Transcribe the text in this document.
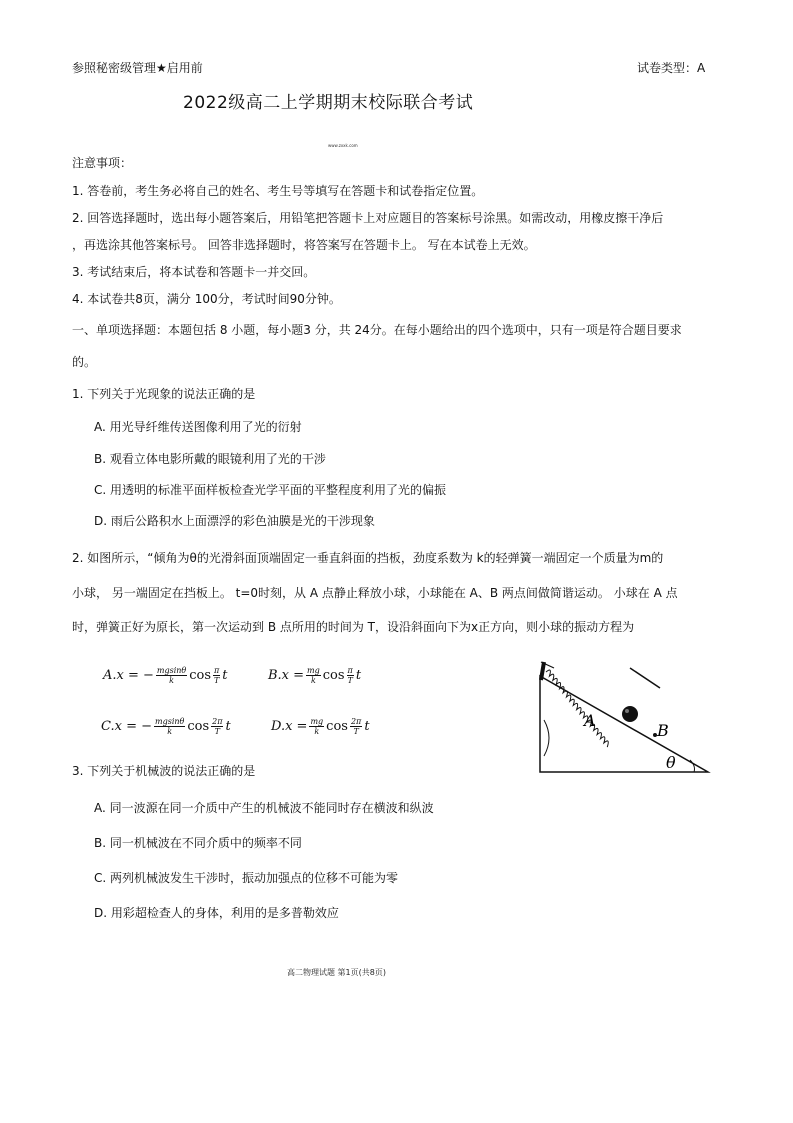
参照秘密级管理★启用前	试卷类型：A
2022级高二上学期期末校际联合考试
www.zxxk.com
注意事项：
1. 答卷前，考生务必将自己的姓名、考生号等填写在答题卡和试卷指定位置。
2. 回答选择题时，选出每小题答案后，用铅笔把答题卡上对应题目的答案标号涂黑。如需改动，用橡皮擦干净后
，再选涂其他答案标号。 回答非选择题时，将答案写在答题卡上。 写在本试卷上无效。
3. 考试结束后，将本试卷和答题卡一并交回。
4. 本试卷共8页，满分 100分，考试时间90分钟。
一、单项选择题：本题包括 8 小题，每小题3 分，共 24分。在每小题给出的四个选项中，只有一项是符合题目要求
的。
1. 下列关于光现象的说法正确的是
A. 用光导纤维传送图像利用了光的衍射
B. 观看立体电影所戴的眼镜利用了光的干涉
C. 用透明的标准平面样板检查光学平面的平整程度利用了光的偏振
D. 雨后公路积水上面漂浮的彩色油膜是光的干涉现象
2. 如图所示，“倾角为θ的光滑斜面顶端固定一垂直斜面的挡板，劲度系数为 k的轻弹簧一端固定一个质量为m的
小球， 另一端固定在挡板上。 t=0时刻，从 A 点静止释放小球，小球能在 A、B 两点间做简谐运动。 小球在 A 点
时，弹簧正好为原长，第一次运动到 B 点所用的时间为 T，设沿斜面向下为x正方向，则小球的振动方程为
A.x = − $\frac{mgsin\theta}{k}$ $\cos \frac{\pi}{T}$ t	$B.x = \frac{mg}{k}$ $\cos \frac{\pi}{T}$ t
C.x = − $\frac{mgsin\theta}{k}$ $\cos \frac{2\pi}{T}$ t	$D.x = \frac{mg}{k}$ $\cos \frac{2\pi}{T}$ t	A
B
θ
3. 下列关于机械波的说法正确的是
A. 同一波源在同一介质中产生的机械波不能同时存在横波和纵波
B. 同一机械波在不同介质中的频率不同
C. 两列机械波发生干涉时，振动加强点的位移不可能为零
D. 用彩超检查人的身体，利用的是多普勒效应
高二物理试题 第1页(共8页)
